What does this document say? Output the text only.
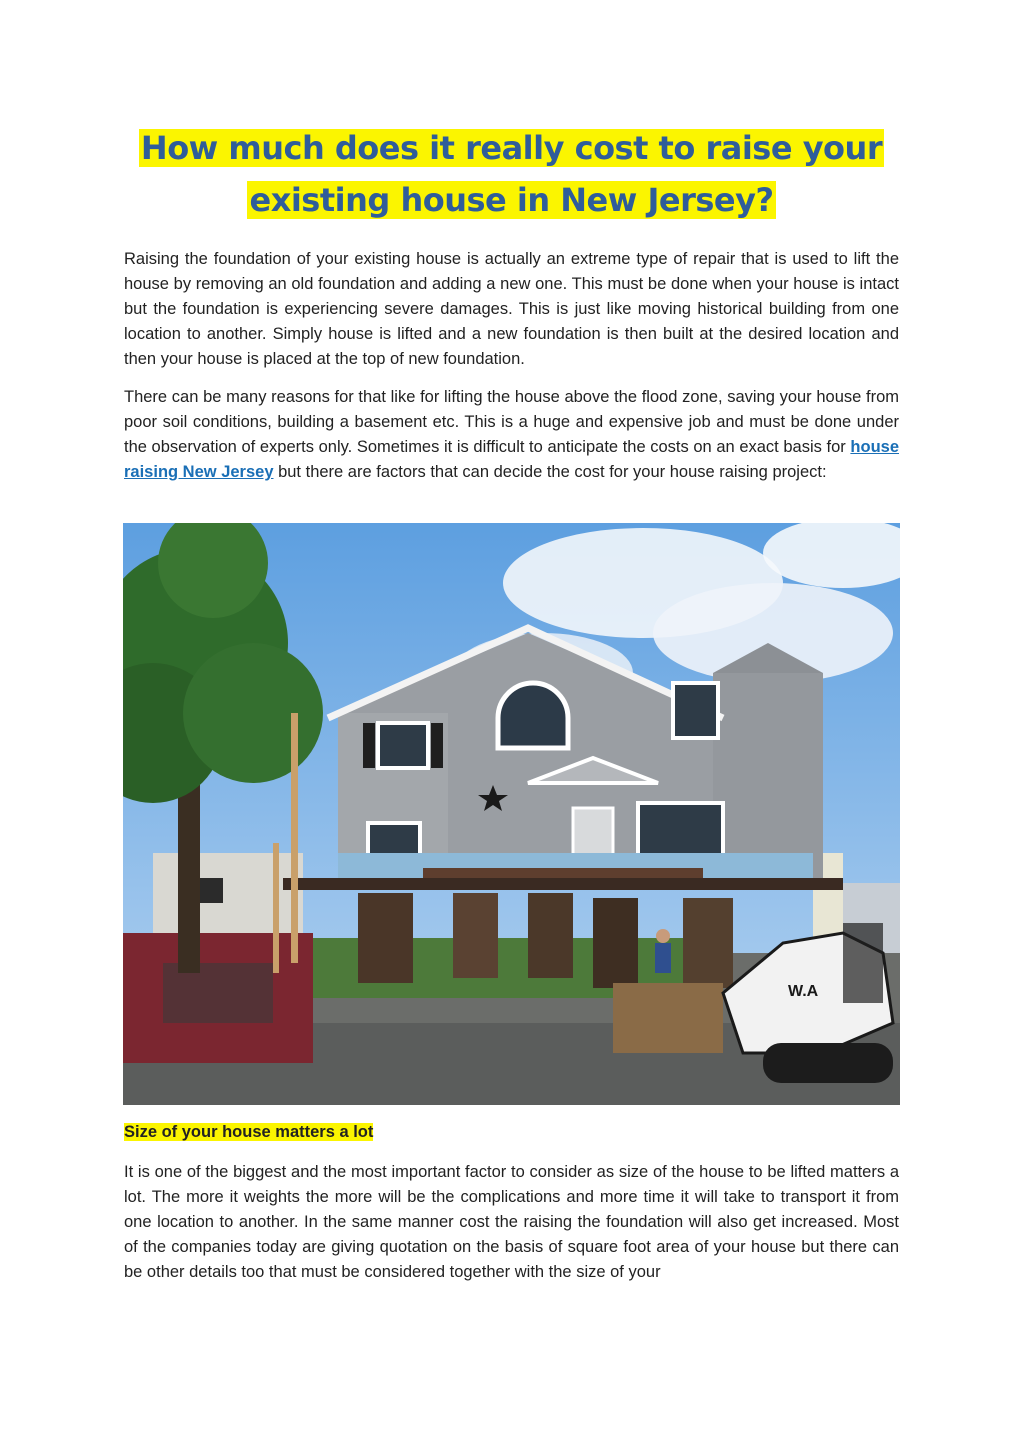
How much does it really cost to raise your existing house in New Jersey?

Raising the foundation of your existing house is actually an extreme type of repair that is used to lift the house by removing an old foundation and adding a new one. This must be done when your house is intact but the foundation is experiencing severe damages. This is just like moving historical building from one location to another. Simply house is lifted and a new foundation is then built at the desired location and then your house is placed at the top of new foundation.

There can be many reasons for that like for lifting the house above the flood zone, saving your house from poor soil conditions, building a basement etc. This is a huge and expensive job and must be done under the observation of experts only. Sometimes it is difficult to anticipate the costs on an exact basis for house raising New Jersey but there are factors that can decide the cost for your house raising project:

W.A
Size of your house matters a lot

It is one of the biggest and the most important factor to consider as size of the house to be lifted matters a lot. The more it weights the more will be the complications and more time it will take to transport it from one location to another. In the same manner cost the raising the foundation will also get increased. Most of the companies today are giving quotation on the basis of square foot area of your house but there can be other details too that must be considered together with the size of your
